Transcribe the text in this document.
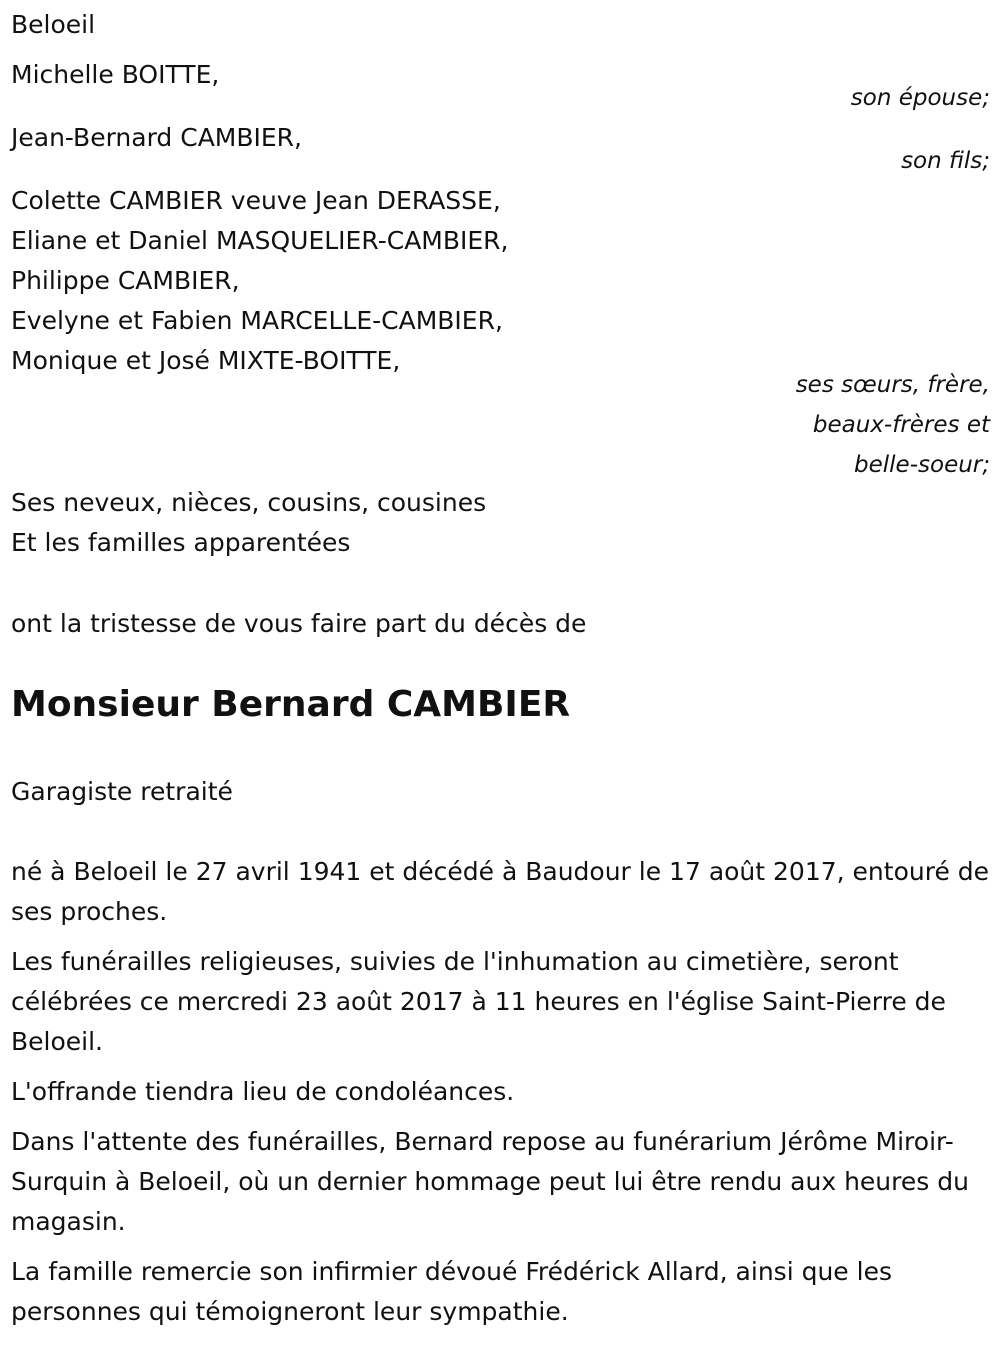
Beloeil
Michelle BOITTE,
son épouse;
Jean-Bernard CAMBIER,
son fils;
Colette CAMBIER veuve Jean DERASSE,
Eliane et Daniel MASQUELIER-CAMBIER,
Philippe CAMBIER,
Evelyne et Fabien MARCELLE-CAMBIER,
Monique et José MIXTE-BOITTE,
ses sœurs, frère,
beaux-frères et
belle-soeur;
Ses neveux, nièces, cousins, cousines
Et les familles apparentées
ont la tristesse de vous faire part du décès de
Monsieur Bernard CAMBIER
Garagiste retraité

né à Beloeil le 27 avril 1941 et décédé à Baudour le 17 août 2017, entouré de ses proches.

Les funérailles religieuses, suivies de l'inhumation au cimetière, seront célébrées ce mercredi 23 août 2017 à 11 heures en l'église Saint-Pierre de Beloeil.

L'offrande tiendra lieu de condoléances.

Dans l'attente des funérailles, Bernard repose au funérarium Jérôme Miroir-Surquin à Beloeil, où un dernier hommage peut lui être rendu aux heures du magasin.

La famille remercie son infirmier dévoué Frédérick Allard, ainsi que les personnes qui témoigneront leur sympathie.
